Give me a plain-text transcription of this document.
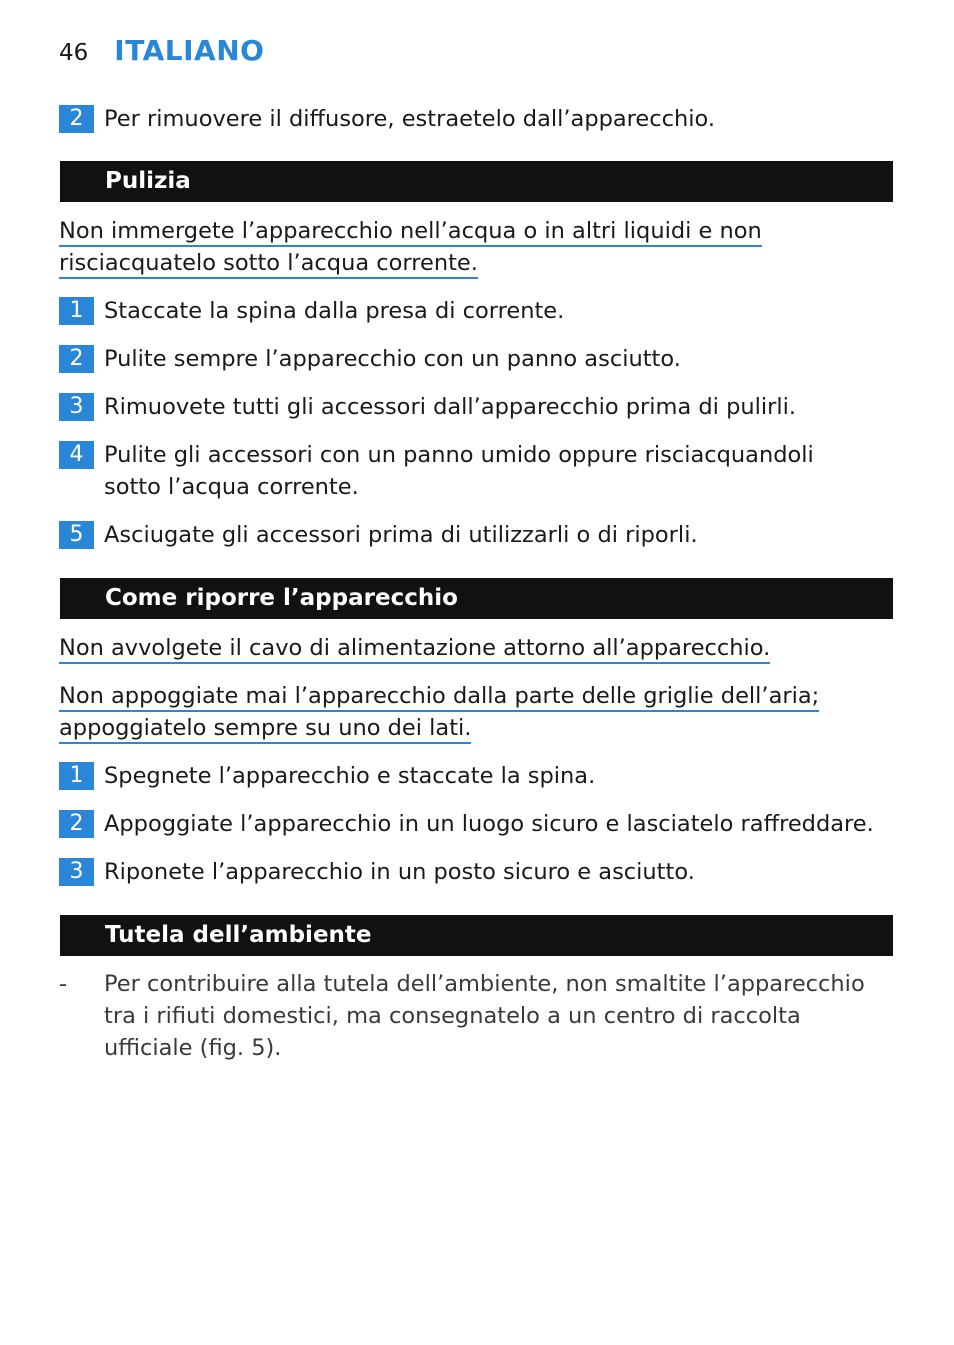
46 ITALIANO
2 Per rimuovere il diffusore, estraetelo dall’apparecchio.
Pulizia
Non immergete l’apparecchio nell’acqua o in altri liquidi e non
risciacquatelo sotto l’acqua corrente.
1 Staccate la spina dalla presa di corrente.
2 Pulite sempre l’apparecchio con un panno asciutto.
3 Rimuovete tutti gli accessori dall’apparecchio prima di pulirli.
4 Pulite gli accessori con un panno umido oppure risciacquandoli sotto l’acqua corrente.
5 Asciugate gli accessori prima di utilizzarli o di riporli.
Come riporre l’apparecchio
Non avvolgete il cavo di alimentazione attorno all’apparecchio.
Non appoggiate mai l’apparecchio dalla parte delle griglie dell’aria;
appoggiatelo sempre su uno dei lati.
1 Spegnete l’apparecchio e staccate la spina.
2 Appoggiate l’apparecchio in un luogo sicuro e lasciatelo raffreddare.
3 Riponete l’apparecchio in un posto sicuro e asciutto.
Tutela dell’ambiente
-	Per contribuire alla tutela dell’ambiente, non smaltite l’apparecchio tra i rifiuti domestici, ma consegnatelo a un centro di raccolta ufficiale (fig. 5).
